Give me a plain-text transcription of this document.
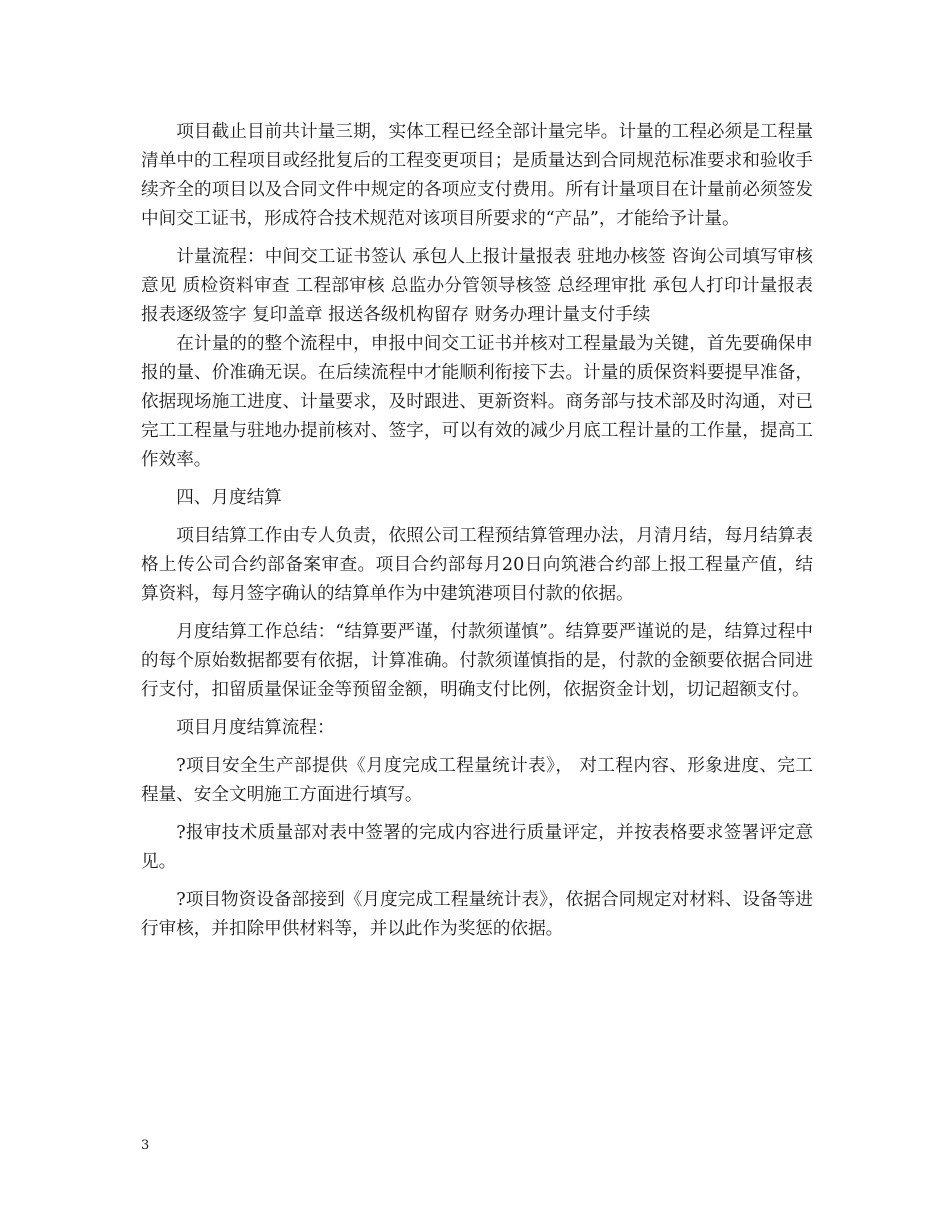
项目截止目前共计量三期，实体工程已经全部计量完毕。计量的工程必须是工程量清单中的工程项目或经批复后的工程变更项目；是质量达到合同规范标准要求和验收手续齐全的项目以及合同文件中规定的各项应支付费用。所有计量项目在计量前必须签发中间交工证书，形成符合技术规范对该项目所要求的“产品”，才能给予计量。

计量流程：中间交工证书签认 承包人上报计量报表 驻地办核签 咨询公司填写审核意见 质检资料审查 工程部审核 总监办分管领导核签 总经理审批 承包人打印计量报表 报表逐级签字 复印盖章 报送各级机构留存 财务办理计量支付手续

在计量的的整个流程中，申报中间交工证书并核对工程量最为关键，首先要确保申报的量、价准确无误。在后续流程中才能顺利衔接下去。计量的质保资料要提早准备，依据现场施工进度、计量要求，及时跟进、更新资料。商务部与技术部及时沟通，对已完工工程量与驻地办提前核对、签字，可以有效的减少月底工程计量的工作量，提高工作效率。

四、月度结算

项目结算工作由专人负责，依照公司工程预结算管理办法，月清月结，每月结算表格上传公司合约部备案审查。项目合约部每月20日向筑港合约部上报工程量产值，结算资料，每月签字确认的结算单作为中建筑港项目付款的依据。

月度结算工作总结：“结算要严谨，付款须谨慎”。结算要严谨说的是，结算过程中的每个原始数据都要有依据，计算准确。付款须谨慎指的是，付款的金额要依据合同进行支付，扣留质量保证金等预留金额，明确支付比例，依据资金计划，切记超额支付。

项目月度结算流程：

?项目安全生产部提供《月度完成工程量统计表》， 对工程内容、形象进度、完工程量、安全文明施工方面进行填写。

?报审技术质量部对表中签署的完成内容进行质量评定，并按表格要求签署评定意见。

?项目物资设备部接到《月度完成工程量统计表》，依据合同规定对材料、设备等进行审核，并扣除甲供材料等，并以此作为奖惩的依据。

3
